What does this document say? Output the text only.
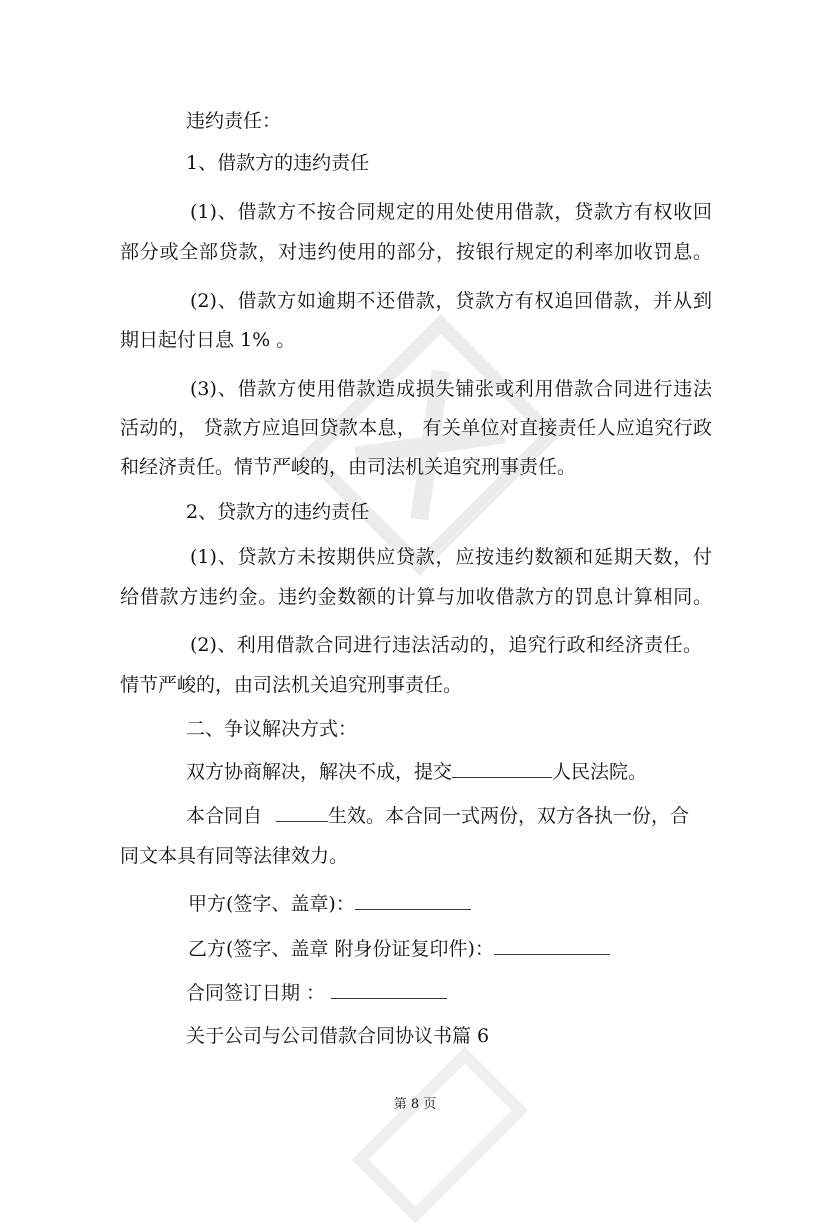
违约责任：
1、借款方的违约责任
(1)、借款方不按合同规定的用处使用借款，贷款方有权收回
部分或全部贷款，对违约使用的部分，按银行规定的利率加收罚息。
(2)、借款方如逾期不还借款，贷款方有权追回借款，并从到
期日起付日息 1% 。
(3)、借款方使用借款造成损失铺张或利用借款合同进行违法
活动的， 贷款方应追回贷款本息， 有关单位对直接责任人应追究行政
和经济责任。情节严峻的，由司法机关追究刑事责任。
2、贷款方的违约责任
(1)、贷款方未按期供应贷款，应按违约数额和延期天数，付
给借款方违约金。违约金数额的计算与加收借款方的罚息计算相同。
(2)、利用借款合同进行违法活动的，追究行政和经济责任。
情节严峻的，由司法机关追究刑事责任。
二、争议解决方式：
双方协商解决，解决不成，提交	人民法院。
本合同自	生效。本合同一式两份，双方各执一份，合
同文本具有同等法律效力。
甲方(签字、盖章)：
乙方(签字、盖章 附身份证复印件)：
合同签订日期 ：
关于公司与公司借款合同协议书篇 6
第 8 页
